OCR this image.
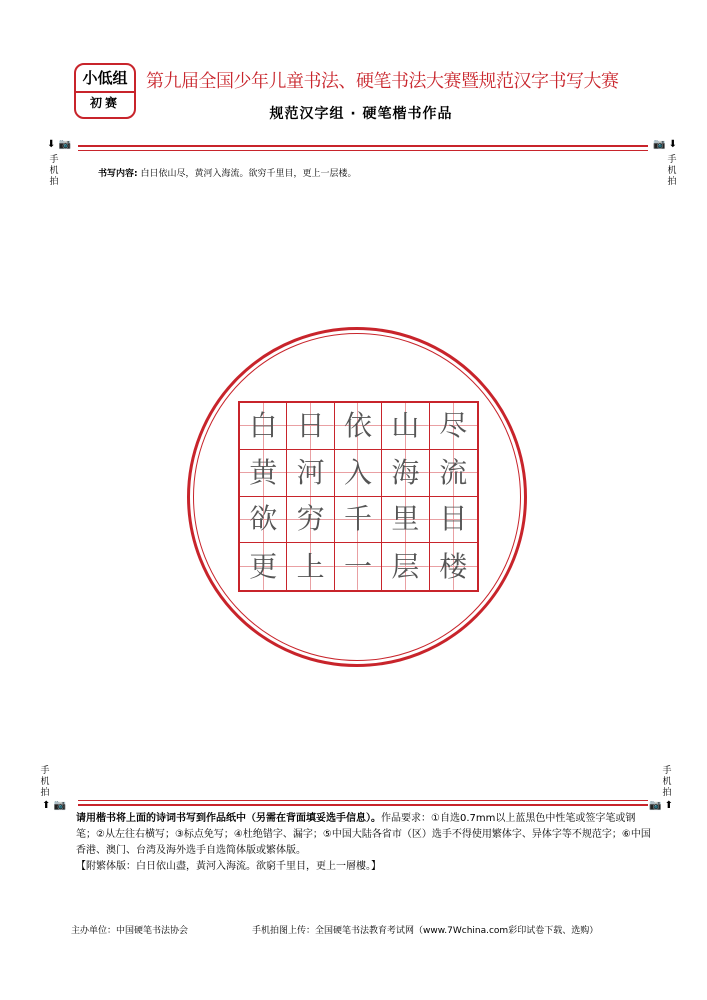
小低组
初赛
第九届全国少年儿童书法、硬笔书法大赛暨规范汉字书写大赛
规范汉字组 · 硬笔楷书作品
⬇ 📷
手机拍
📷 ⬇
手机拍
书写内容: 白日依山尽，黄河入海流。欲穷千里目，更上一层楼。
白 日 依 山 尽
黄 河 入 海 流
欲 穷 千 里 目
更 上 一 层 楼
手机拍
⬆ 📷
手机拍
📷 ⬆
请用楷书将上面的诗词书写到作品纸中（另需在背面填妥选手信息）。作品要求：①自选0.7mm以上蓝黑色中性笔或签字笔或钢笔；②从左往右横写；③标点免写；④杜绝错字、漏字；⑤中国大陆各省市（区）选手不得使用繁体字、异体字等不规范字；⑥中国香港、澳门、台湾及海外选手自选简体版或繁体版。
【附繁体版：白日依山盡，黃河入海流。欲窮千里目，更上一層樓。】
主办单位：中国硬笔书法协会	手机拍图上传：全国硬笔书法教育考试网（www.7Wchina.com彩印试卷下载、选购）
